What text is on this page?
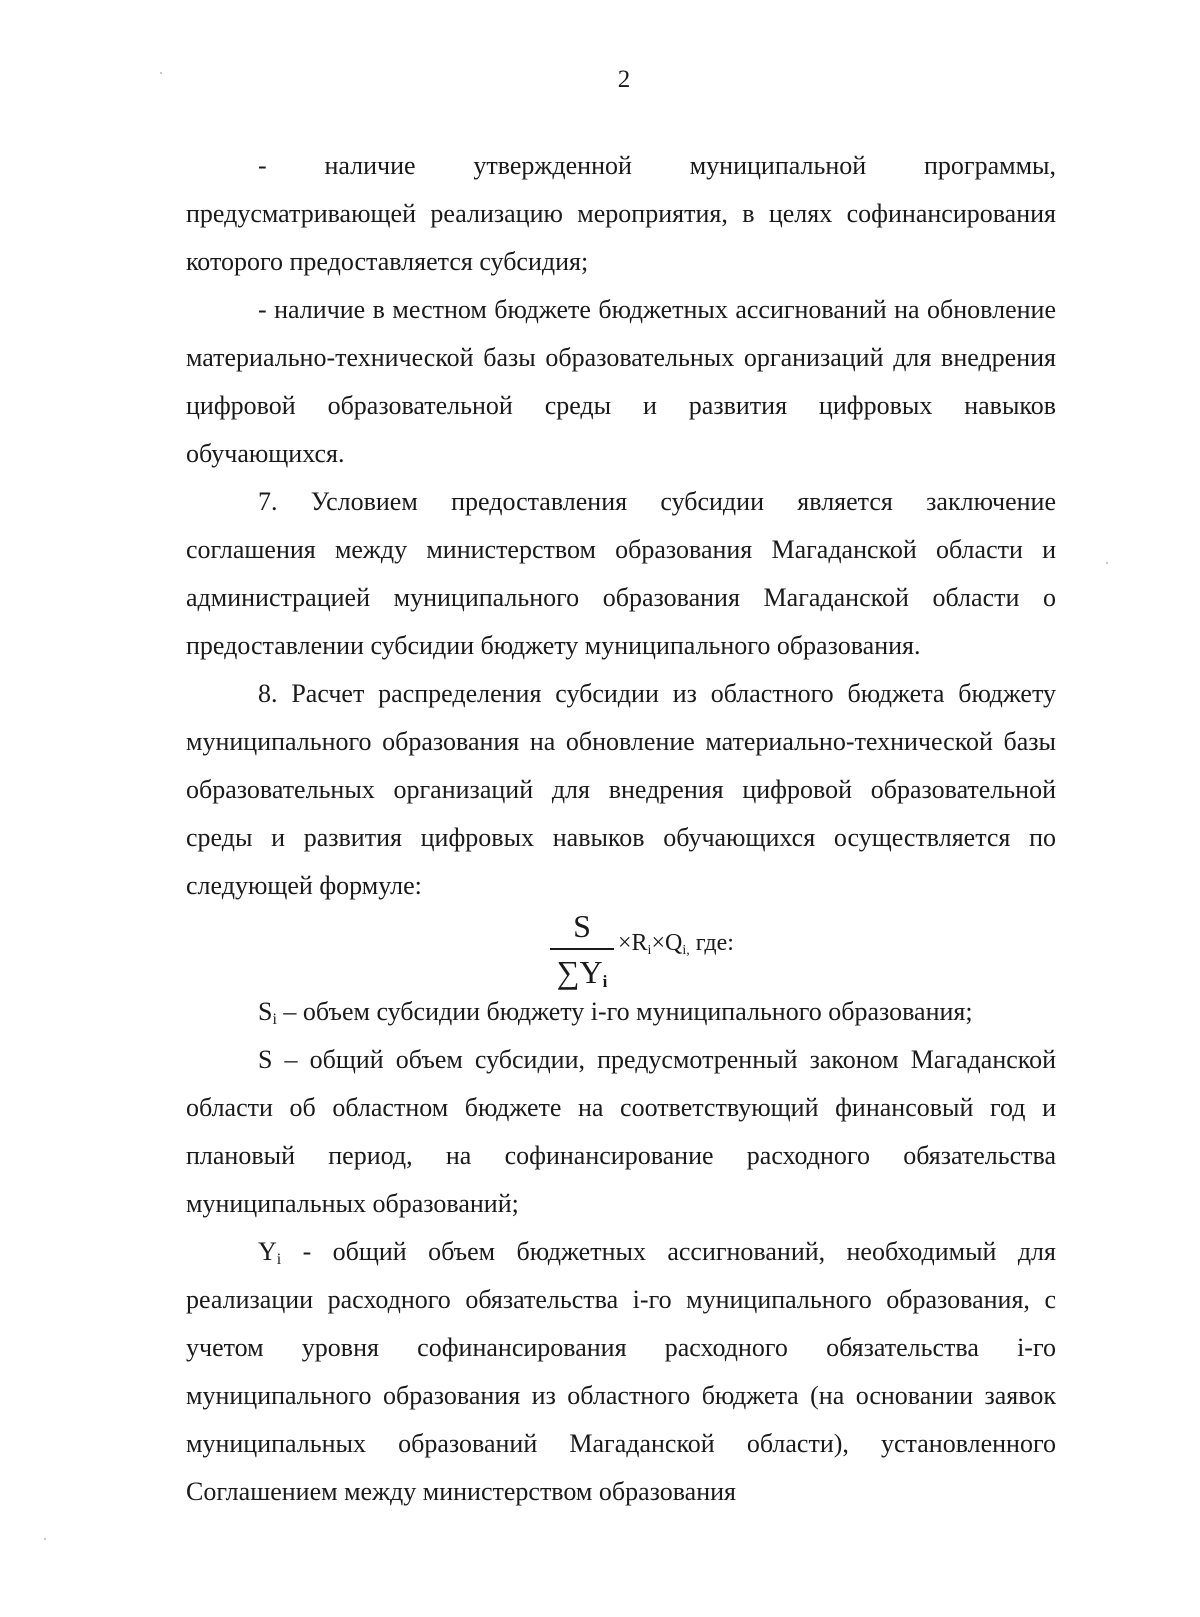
2

- наличие утвержденной муниципальной программы, предусматривающей реализацию мероприятия, в целях софинансирования которого предоставляется субсидия;

- наличие в местном бюджете бюджетных ассигнований на обновление материально-технической базы образовательных организаций для внедрения цифровой образовательной среды и развития цифровых навыков обучающихся.

7. Условием предоставления субсидии является заключение соглашения между министерством образования Магаданской области и администрацией муниципального образования Магаданской области о предоставлении субсидии бюджету муниципального образования.

8. Расчет распределения субсидии из областного бюджета бюджету муниципального образования на обновление материально-технической базы образовательных организаций для внедрения цифровой образовательной среды и развития цифровых навыков обучающихся осуществляется по следующей формуле:

S
$\sum Y_i$
$\times R_i\times Q_{i,}$ где:

$S_i$ – объем субсидии бюджету i-го муниципального образования;

S – общий объем субсидии, предусмотренный законом Магаданской области об областном бюджете на соответствующий финансовый год и плановый период, на софинансирование расходного обязательства муниципальных образований;

$Y_i$ - общий объем бюджетных ассигнований, необходимый для реализации расходного обязательства i-го муниципального образования, с учетом уровня софинансирования расходного обязательства i-го муниципального образования из областного бюджета (на основании заявок муниципальных образований Магаданской области), установленного Соглашением между министерством образования
